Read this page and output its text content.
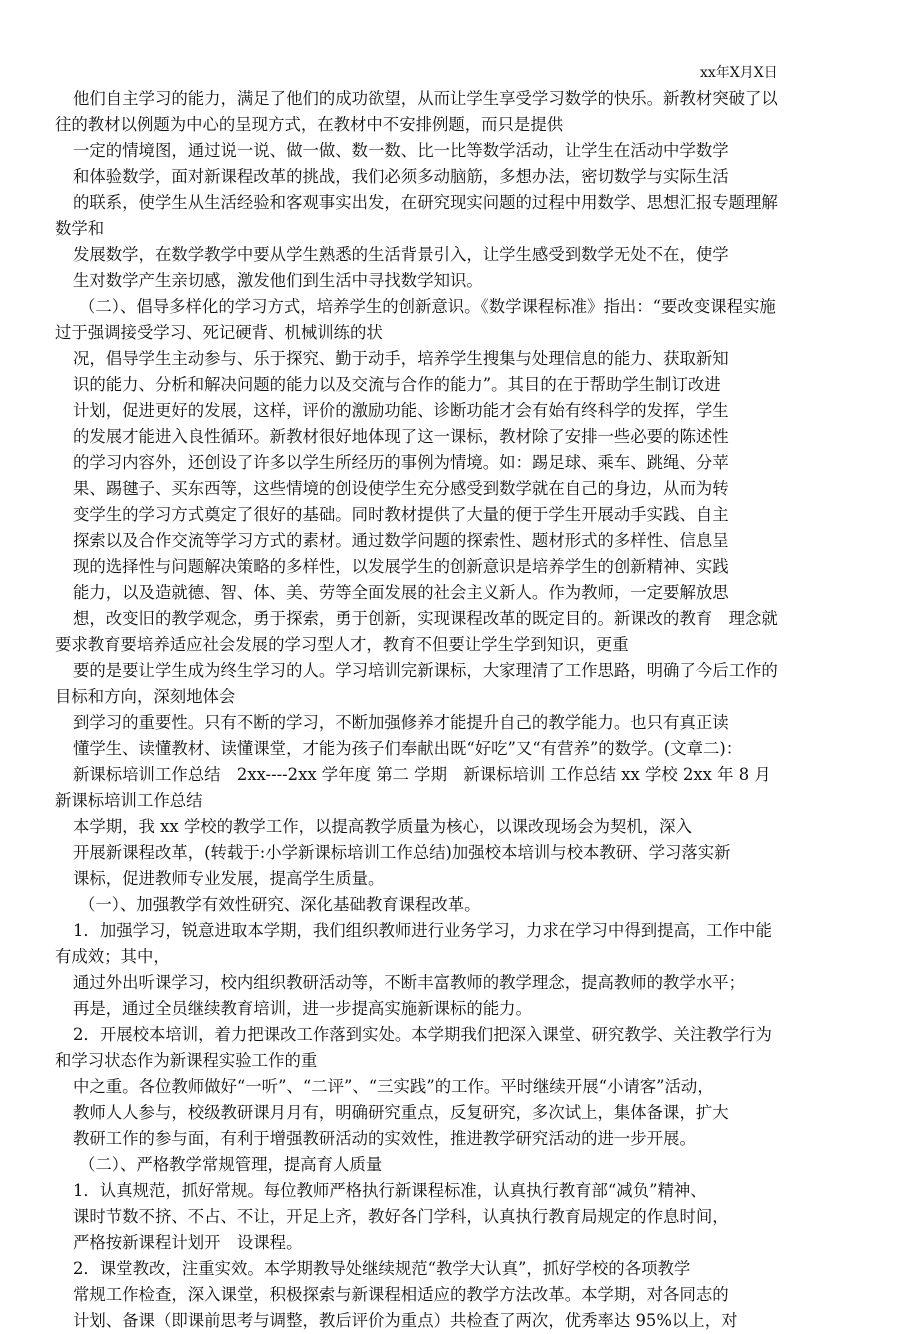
xx年X月X日
他们自主学习的能力，满足了他们的成功欲望，从而让学生享受学习数学的快乐。新教材突破了以
往的教材以例题为中心的呈现方式，在教材中不安排例题，而只是提供
一定的情境图，通过说一说、做一做、数一数、比一比等数学活动，让学生在活动中学数学
和体验数学，面对新课程改革的挑战，我们必须多动脑筋，多想办法，密切数学与实际生活
的联系，使学生从生活经验和客观事实出发，在研究现实问题的过程中用数学、思想汇报专题理解
数学和
发展数学，在数学教学中要从学生熟悉的生活背景引入，让学生感受到数学无处不在，使学
生对数学产生亲切感，激发他们到生活中寻找数学知识。
（二）、倡导多样化的学习方式，培养学生的创新意识。《数学课程标准》指出：“要改变课程实施
过于强调接受学习、死记硬背、机械训练的状
况，倡导学生主动参与、乐于探究、勤于动手，培养学生搜集与处理信息的能力、获取新知
识的能力、分析和解决问题的能力以及交流与合作的能力”。其目的在于帮助学生制订改进
计划，促进更好的发展，这样，评价的激励功能、诊断功能才会有始有终科学的发挥，学生
的发展才能进入良性循环。新教材很好地体现了这一课标，教材除了安排一些必要的陈述性
的学习内容外，还创设了许多以学生所经历的事例为情境。如：踢足球、乘车、跳绳、分苹
果、踢毽子、买东西等，这些情境的创设使学生充分感受到数学就在自己的身边，从而为转
变学生的学习方式奠定了很好的基础。同时教材提供了大量的便于学生开展动手实践、自主
探索以及合作交流等学习方式的素材。通过数学问题的探索性、题材形式的多样性、信息呈
现的选择性与问题解决策略的多样性，以发展学生的创新意识是培养学生的创新精神、实践
能力，以及造就德、智、体、美、劳等全面发展的社会主义新人。作为教师，一定要解放思
想，改变旧的教学观念，勇于探索，勇于创新，实现课程改革的既定目的。新课改的教育　理念就
要求教育要培养适应社会发展的学习型人才，教育不但要让学生学到知识，更重
要的是要让学生成为终生学习的人。学习培训完新课标，大家理清了工作思路，明确了今后工作的
目标和方向，深刻地体会
到学习的重要性。只有不断的学习，不断加强修养才能提升自己的教学能力。也只有真正读
懂学生、读懂教材、读懂课堂，才能为孩子们奉献出既“好吃”又“有营养”的数学。(文章二)：
新课标培训工作总结　2xx----2xx 学年度 第二 学期　新课标培训 工作总结 xx 学校 2xx 年 8 月
新课标培训工作总结
本学期，我 xx 学校的教学工作，以提高教学质量为核心，以课改现场会为契机，深入
开展新课程改革，(转载于:小学新课标培训工作总结)加强校本培训与校本教研、学习落实新
课标，促进教师专业发展，提高学生质量。
（一）、加强教学有效性研究、深化基础教育课程改革。
1．加强学习，锐意进取本学期，我们组织教师进行业务学习，力求在学习中得到提高，工作中能
有成效；其中，
通过外出听课学习，校内组织教研活动等，不断丰富教师的教学理念，提高教师的教学水平；
再是，通过全员继续教育培训，进一步提高实施新课标的能力。
2．开展校本培训，着力把课改工作落到实处。本学期我们把深入课堂、研究教学、关注教学行为
和学习状态作为新课程实验工作的重
中之重。各位教师做好“一听”、“二评”、“三实践”的工作。平时继续开展“小请客”活动，
教师人人参与，校级教研课月月有，明确研究重点，反复研究，多次试上，集体备课，扩大
教研工作的参与面，有利于增强教研活动的实效性，推进教学研究活动的进一步开展。
（二）、严格教学常规管理，提高育人质量
1．认真规范，抓好常规。每位教师严格执行新课程标准，认真执行教育部“减负”精神、
课时节数不挤、不占、不让，开足上齐，教好各门学科，认真执行教育局规定的作息时间，
严格按新课程计划开　设课程。
2．课堂教改，注重实效。本学期教导处继续规范“教学大认真”，抓好学校的各项教学
常规工作检查，深入课堂，积极探索与新课程相适应的教学方法改革。本学期，对各同志的
计划、备课（即课前思考与调整，教后评价为重点）共检查了两次，优秀率达 95%以上，对
